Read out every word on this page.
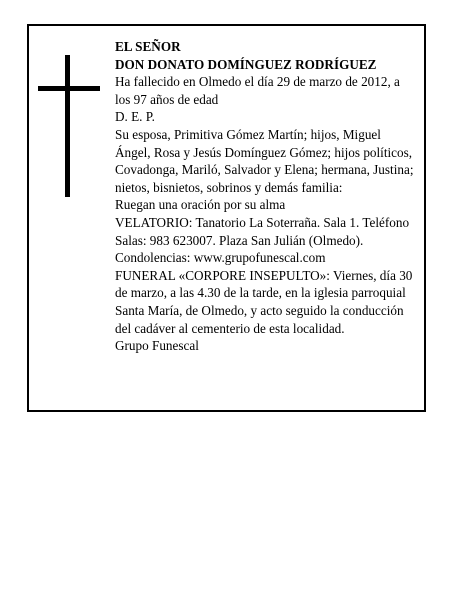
EL SEÑOR

DON DONATO DOMÍNGUEZ RODRÍGUEZ

Ha fallecido en Olmedo el día 29 de marzo de 2012, a los 97 años de edad

D. E. P.

Su esposa, Primitiva Gómez Martín; hijos, Miguel Ángel, Rosa y Jesús Domínguez Gómez; hijos políticos, Covadonga, Mariló, Salvador y Elena; hermana, Justina; nietos, bisnietos, sobrinos y demás familia:

Ruegan una oración por su alma

VELATORIO: Tanatorio La Soterraña. Sala 1. Teléfono Salas: 983 623007. Plaza San Julián (Olmedo). Condolencias: www.grupofunescal.com

FUNERAL «CORPORE INSEPULTO»: Viernes, día 30 de marzo, a las 4.30 de la tarde, en la iglesia parroquial Santa María, de Olmedo, y acto seguido la conducción del cadáver al cementerio de esta localidad.

Grupo Funescal
